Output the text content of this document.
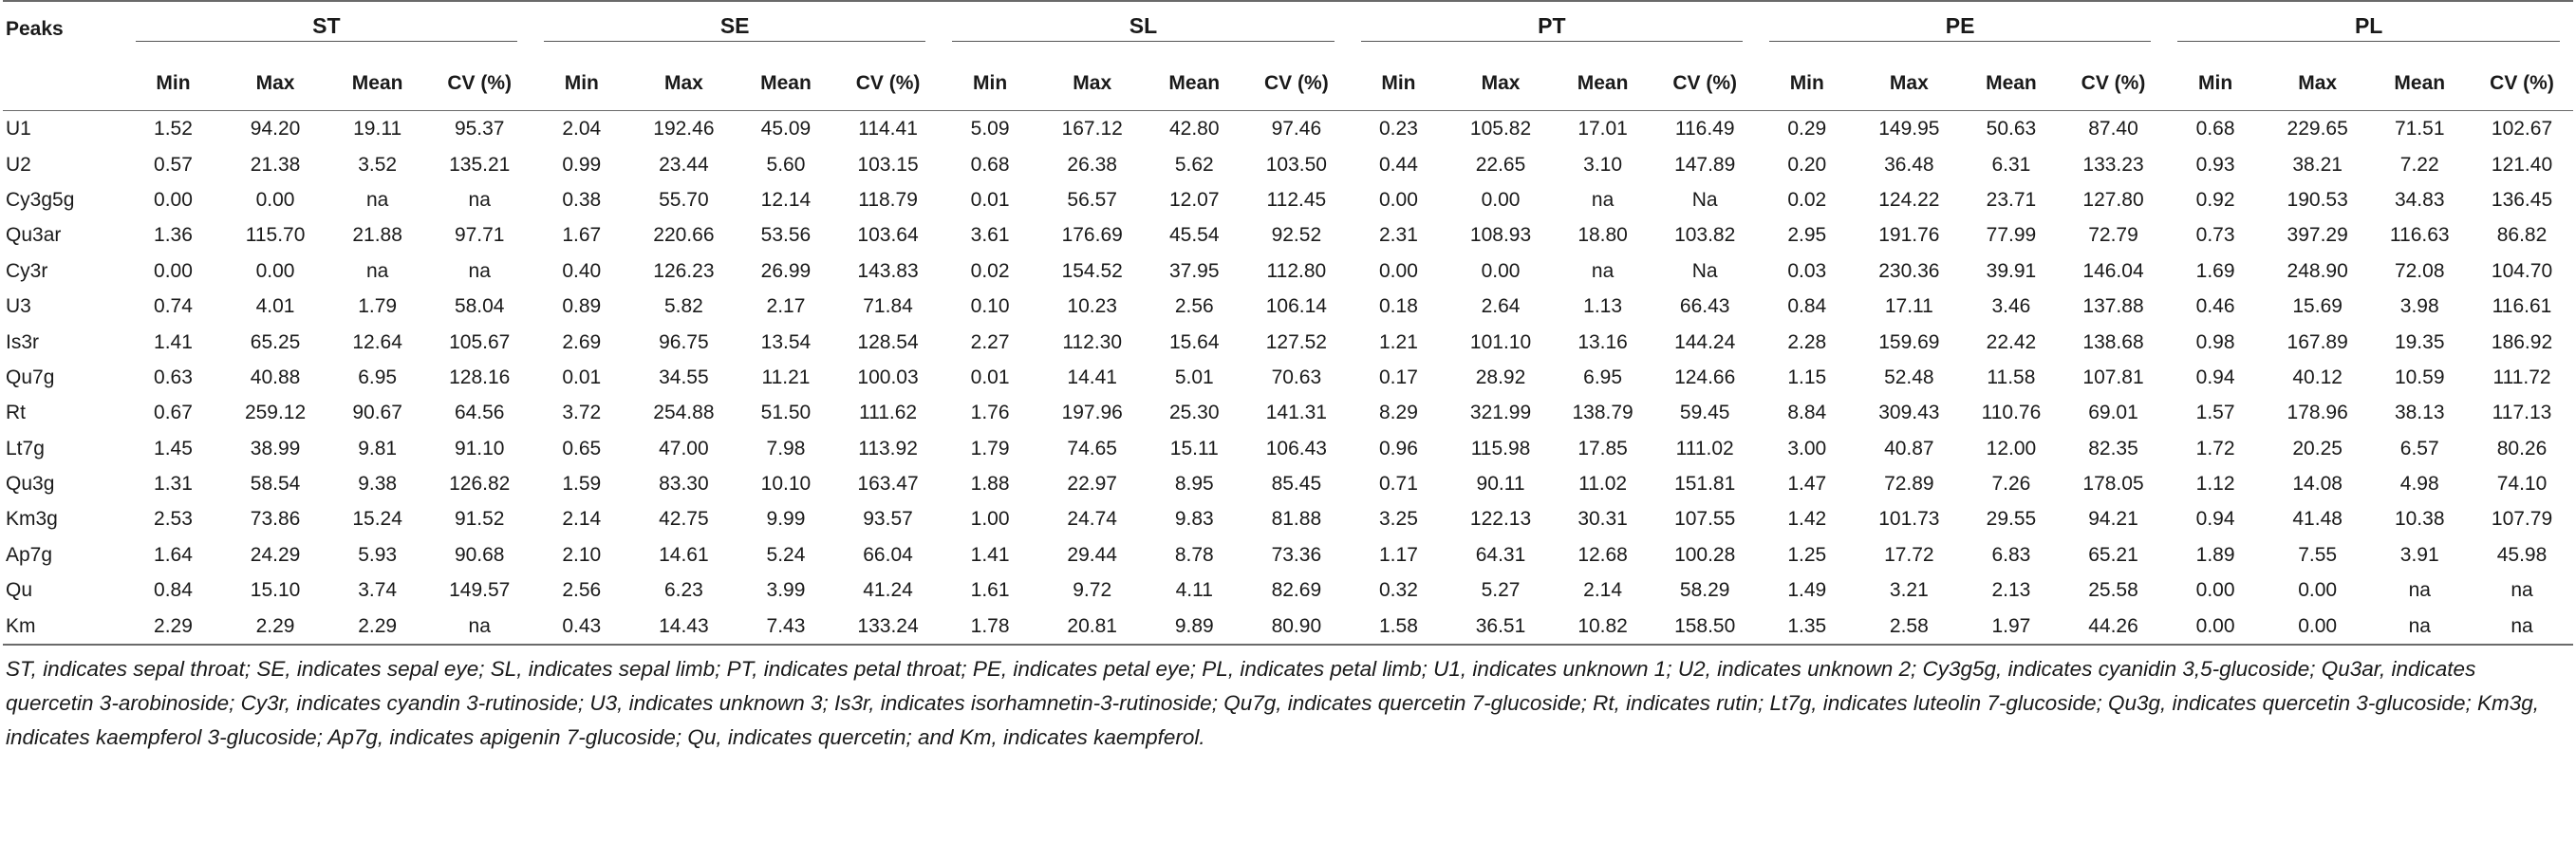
Peaks	ST				SE				SL				PT				PE				PL			

	Min	Max	Mean	CV (%)	Min	Max	Mean	CV (%)	Min	Max	Mean	CV (%)	Min	Max	Mean	CV (%)	Min	Max	Mean	CV (%)	Min	Max	Mean	CV (%)
U1	1.52	94.20	19.11	95.37	2.04	192.46	45.09	114.41	5.09	167.12	42.80	97.46	0.23	105.82	17.01	116.49	0.29	149.95	50.63	87.40	0.68	229.65	71.51	102.67
U2	0.57	21.38	3.52	135.21	0.99	23.44	5.60	103.15	0.68	26.38	5.62	103.50	0.44	22.65	3.10	147.89	0.20	36.48	6.31	133.23	0.93	38.21	7.22	121.40
Cy3g5g	0.00	0.00	na	na	0.38	55.70	12.14	118.79	0.01	56.57	12.07	112.45	0.00	0.00	na	Na	0.02	124.22	23.71	127.80	0.92	190.53	34.83	136.45
Qu3ar	1.36	115.70	21.88	97.71	1.67	220.66	53.56	103.64	3.61	176.69	45.54	92.52	2.31	108.93	18.80	103.82	2.95	191.76	77.99	72.79	0.73	397.29	116.63	86.82
Cy3r	0.00	0.00	na	na	0.40	126.23	26.99	143.83	0.02	154.52	37.95	112.80	0.00	0.00	na	Na	0.03	230.36	39.91	146.04	1.69	248.90	72.08	104.70
U3	0.74	4.01	1.79	58.04	0.89	5.82	2.17	71.84	0.10	10.23	2.56	106.14	0.18	2.64	1.13	66.43	0.84	17.11	3.46	137.88	0.46	15.69	3.98	116.61
Is3r	1.41	65.25	12.64	105.67	2.69	96.75	13.54	128.54	2.27	112.30	15.64	127.52	1.21	101.10	13.16	144.24	2.28	159.69	22.42	138.68	0.98	167.89	19.35	186.92
Qu7g	0.63	40.88	6.95	128.16	0.01	34.55	11.21	100.03	0.01	14.41	5.01	70.63	0.17	28.92	6.95	124.66	1.15	52.48	11.58	107.81	0.94	40.12	10.59	111.72
Rt	0.67	259.12	90.67	64.56	3.72	254.88	51.50	111.62	1.76	197.96	25.30	141.31	8.29	321.99	138.79	59.45	8.84	309.43	110.76	69.01	1.57	178.96	38.13	117.13
Lt7g	1.45	38.99	9.81	91.10	0.65	47.00	7.98	113.92	1.79	74.65	15.11	106.43	0.96	115.98	17.85	111.02	3.00	40.87	12.00	82.35	1.72	20.25	6.57	80.26
Qu3g	1.31	58.54	9.38	126.82	1.59	83.30	10.10	163.47	1.88	22.97	8.95	85.45	0.71	90.11	11.02	151.81	1.47	72.89	7.26	178.05	1.12	14.08	4.98	74.10
Km3g	2.53	73.86	15.24	91.52	2.14	42.75	9.99	93.57	1.00	24.74	9.83	81.88	3.25	122.13	30.31	107.55	1.42	101.73	29.55	94.21	0.94	41.48	10.38	107.79
Ap7g	1.64	24.29	5.93	90.68	2.10	14.61	5.24	66.04	1.41	29.44	8.78	73.36	1.17	64.31	12.68	100.28	1.25	17.72	6.83	65.21	1.89	7.55	3.91	45.98
Qu	0.84	15.10	3.74	149.57	2.56	6.23	3.99	41.24	1.61	9.72	4.11	82.69	0.32	5.27	2.14	58.29	1.49	3.21	2.13	25.58	0.00	0.00	na	na
Km	2.29	2.29	2.29	na	0.43	14.43	7.43	133.24	1.78	20.81	9.89	80.90	1.58	36.51	10.82	158.50	1.35	2.58	1.97	44.26	0.00	0.00	na	na

ST, indicates sepal throat; SE, indicates sepal eye; SL, indicates sepal limb; PT, indicates petal throat; PE, indicates petal eye; PL, indicates petal limb; U1, indicates unknown 1; U2, indicates unknown 2; Cy3g5g, indicates cyanidin 3,5-glucoside; Qu3ar, indicates quercetin 3-arobinoside; Cy3r, indicates cyandin 3-rutinoside; U3, indicates unknown 3; Is3r, indicates isorhamnetin-3-rutinoside; Qu7g, indicates quercetin 7-glucoside; Rt, indicates rutin; Lt7g, indicates luteolin 7-glucoside; Qu3g, indicates quercetin 3-glucoside; Km3g, indicates kaempferol 3-glucoside; Ap7g, indicates apigenin 7-glucoside; Qu, indicates quercetin; and Km, indicates kaempferol.
